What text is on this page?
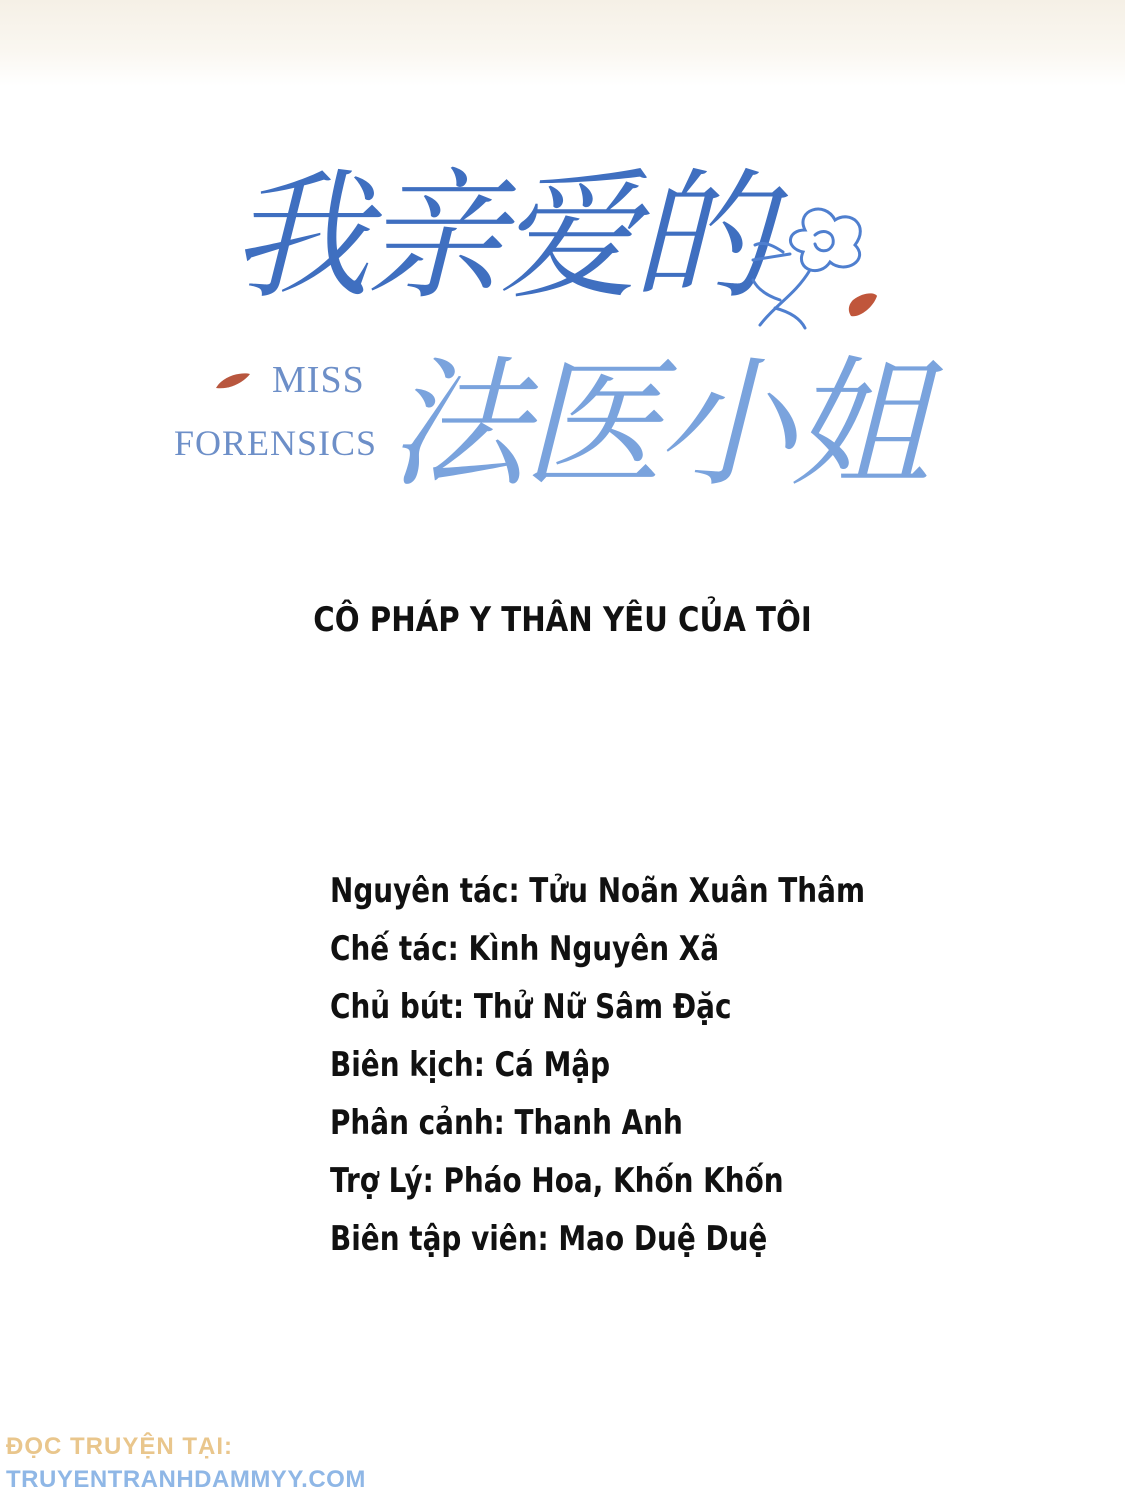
我亲爱的
法医小姐
MISS
FORENSICS
CÔ PHÁP Y THÂN YÊU CỦA TÔI
Nguyên tác: Tửu Noãn Xuân Thâm
Chế tác: Kình Nguyên Xã
Chủ bút: Thử Nữ Sâm Đặc
Biên kịch: Cá Mập
Phân cảnh: Thanh Anh
Trợ Lý: Pháo Hoa, Khốn Khốn
Biên tập viên: Mao Duệ Duệ
ĐỌC TRUYỆN TẠI:
TRUYENTRANHDAMMYY.COM
